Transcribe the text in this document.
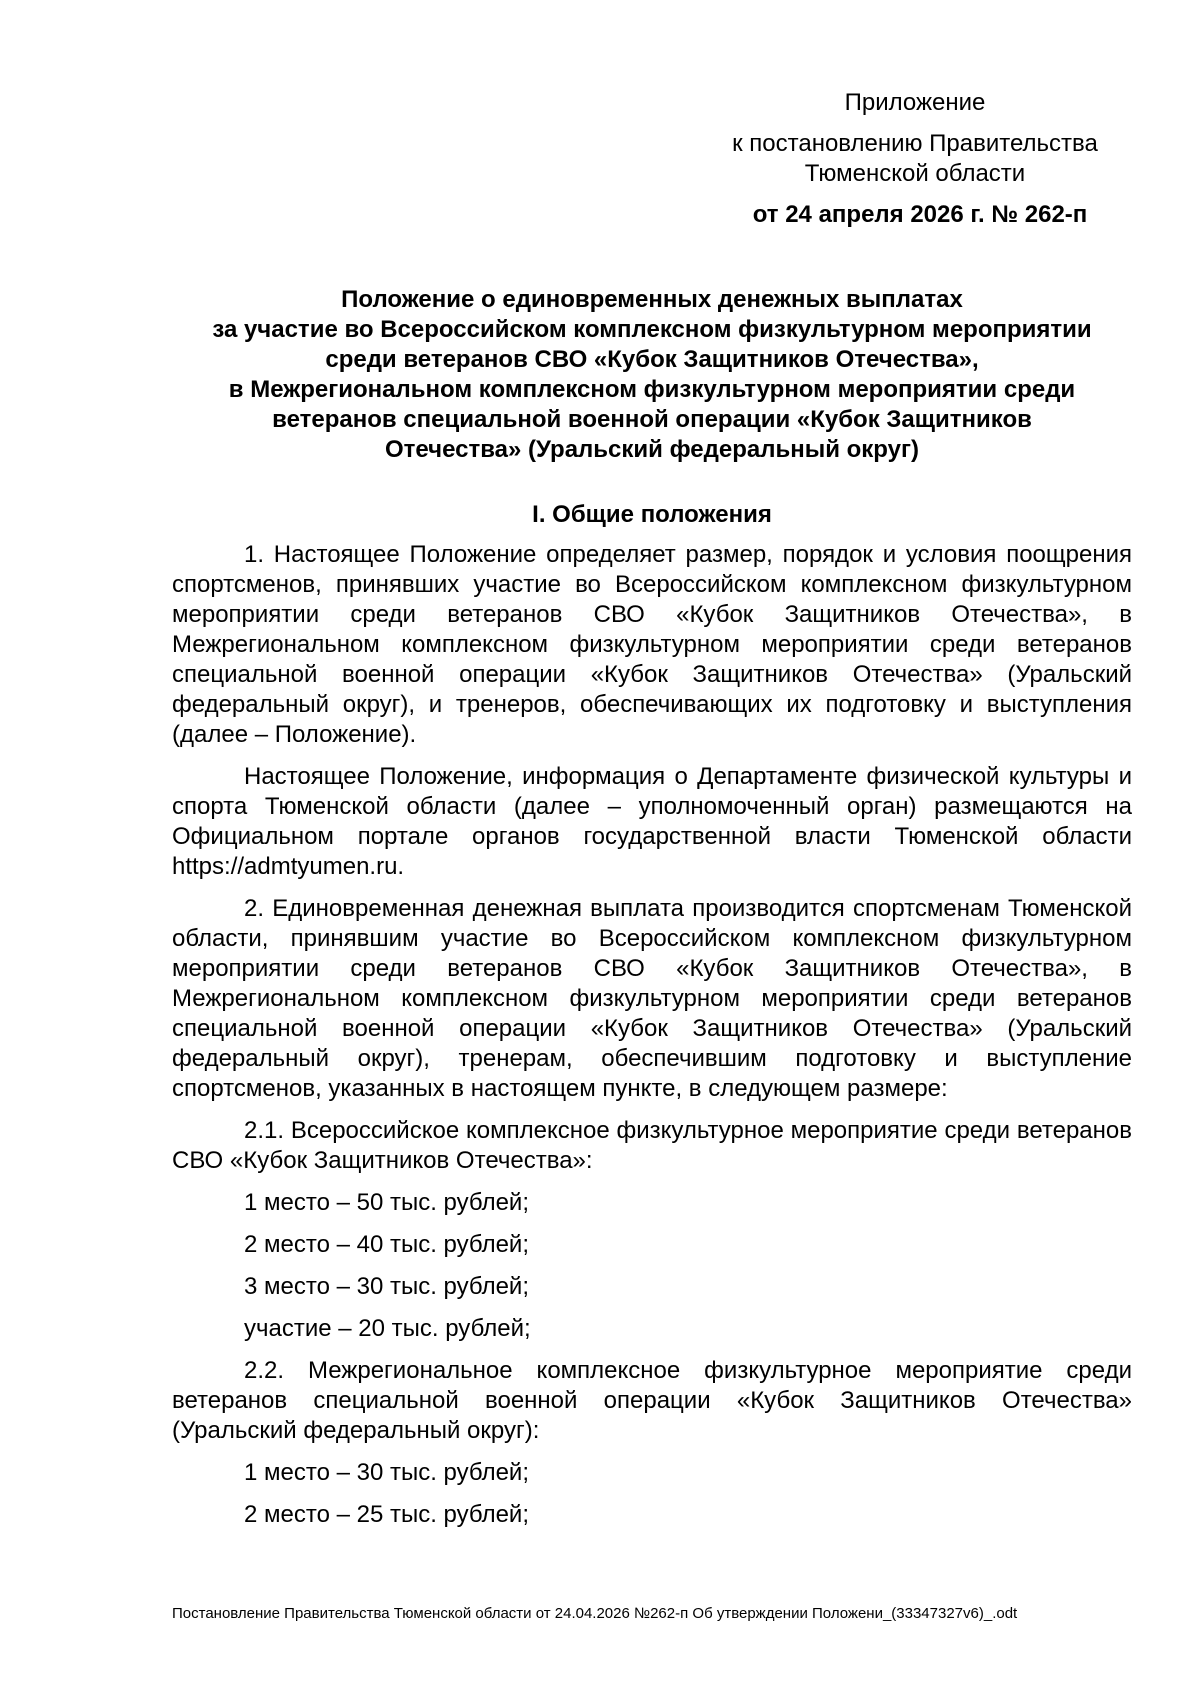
Приложение
к постановлению Правительства
Тюменской области
от 24 апреля 2026 г. № 262-п
Положение о единовременных денежных выплатах
за участие во Всероссийском комплексном физкультурном мероприятии
среди ветеранов СВО «Кубок Защитников Отечества»,
в Межрегиональном комплексном физкультурном мероприятии среди
ветеранов специальной военной операции «Кубок Защитников
Отечества» (Уральский федеральный округ)
I. Общие положения

1. Настоящее Положение определяет размер, порядок и условия поощрения спортсменов, принявших участие во Всероссийском комплексном физкультурном мероприятии среди ветеранов СВО «Кубок Защитников Отечества», в Межрегиональном комплексном физкультурном мероприятии среди ветеранов специальной военной операции «Кубок Защитников Отечества» (Уральский федеральный округ), и тренеров, обеспечивающих их подготовку и выступления (далее – Положение).

Настоящее Положение, информация о Департаменте физической культуры и спорта Тюменской области (далее – уполномоченный орган) размещаются на Официальном портале органов государственной власти Тюменской области https://admtyumen.ru.

2. Единовременная денежная выплата производится спортсменам Тюменской области, принявшим участие во Всероссийском комплексном физкультурном мероприятии среди ветеранов СВО «Кубок Защитников Отечества», в Межрегиональном комплексном физкультурном мероприятии среди ветеранов специальной военной операции «Кубок Защитников Отечества» (Уральский федеральный округ), тренерам, обеспечившим подготовку и выступление спортсменов, указанных в настоящем пункте, в следующем размере:

2.1. Всероссийское комплексное физкультурное мероприятие среди ветеранов СВО «Кубок Защитников Отечества»:

1 место – 50 тыс. рублей;

2 место – 40 тыс. рублей;

3 место – 30 тыс. рублей;

участие – 20 тыс. рублей;

2.2. Межрегиональное комплексное физкультурное мероприятие среди ветеранов специальной военной операции «Кубок Защитников Отечества» (Уральский федеральный округ):

1 место – 30 тыс. рублей;

2 место – 25 тыс. рублей;

Постановление Правительства Тюменской области от 24.04.2026 №262-п Об утверждении Положени_(33347327v6)_.odt
